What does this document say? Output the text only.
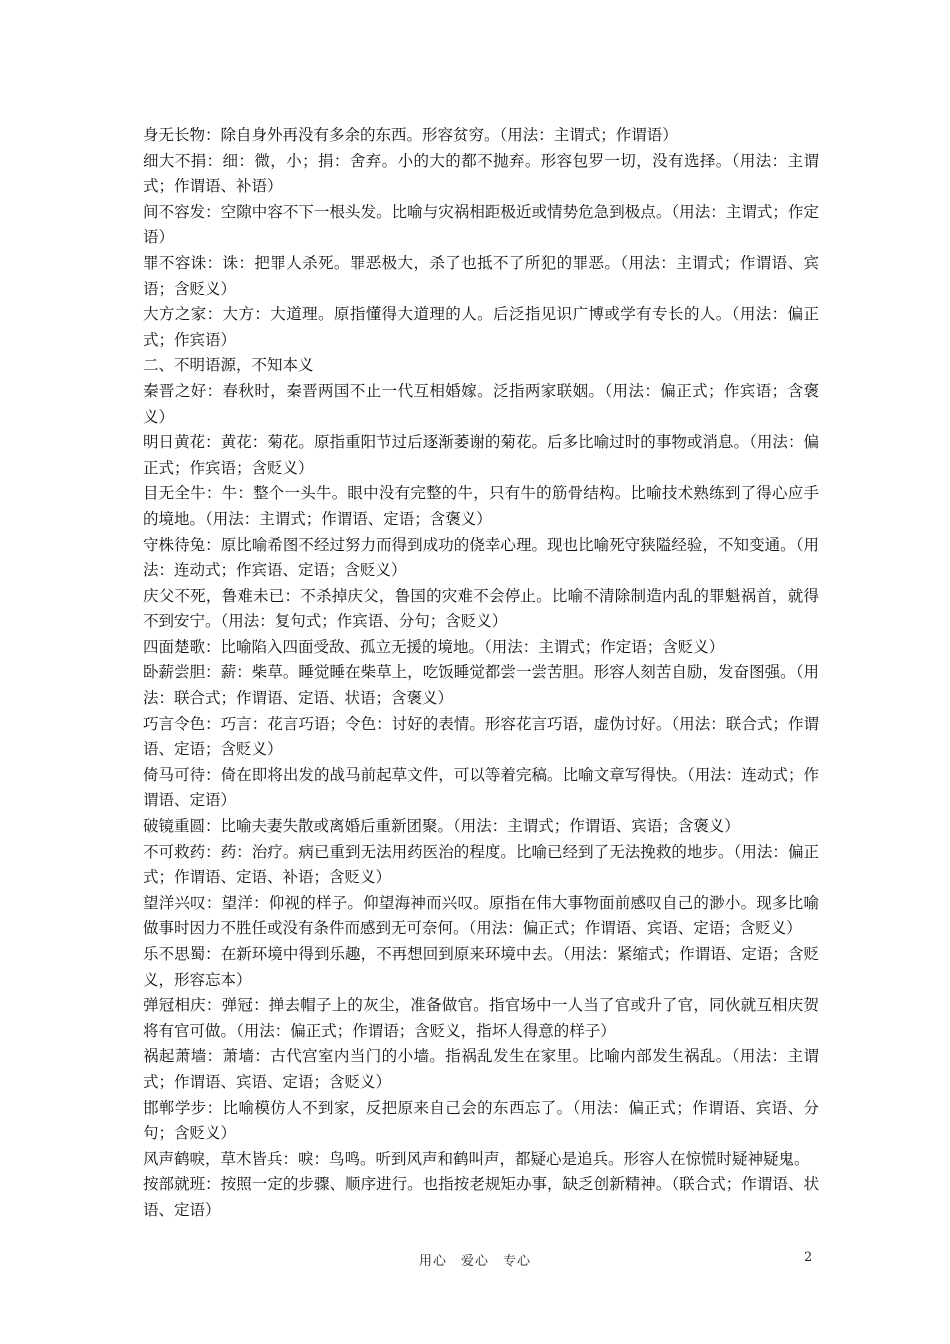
身无长物：除自身外再没有多余的东西。形容贫穷。（用法：主谓式；作谓语）

细大不捐：细：微，小；捐：舍弃。小的大的都不抛弃。形容包罗一切，没有选择。（用法：主谓式；作谓语、补语）

间不容发：空隙中容不下一根头发。比喻与灾祸相距极近或情势危急到极点。（用法：主谓式；作定语）

罪不容诛：诛：把罪人杀死。罪恶极大，杀了也抵不了所犯的罪恶。（用法：主谓式；作谓语、宾语；含贬义）

大方之家：大方：大道理。原指懂得大道理的人。后泛指见识广博或学有专长的人。（用法：偏正式；作宾语）

二、不明语源，不知本义

秦晋之好：春秋时，秦晋两国不止一代互相婚嫁。泛指两家联姻。（用法：偏正式；作宾语；含褒义）

明日黄花：黄花：菊花。原指重阳节过后逐渐萎谢的菊花。后多比喻过时的事物或消息。（用法：偏正式；作宾语；含贬义）

目无全牛：牛：整个一头牛。眼中没有完整的牛，只有牛的筋骨结构。比喻技术熟练到了得心应手的境地。（用法：主谓式；作谓语、定语；含褒义）

守株待兔：原比喻希图不经过努力而得到成功的侥幸心理。现也比喻死守狭隘经验，不知变通。（用法：连动式；作宾语、定语；含贬义）

庆父不死，鲁难未已：不杀掉庆父，鲁国的灾难不会停止。比喻不清除制造内乱的罪魁祸首，就得不到安宁。（用法：复句式；作宾语、分句；含贬义）

四面楚歌：比喻陷入四面受敌、孤立无援的境地。（用法：主谓式；作定语；含贬义）

卧薪尝胆：薪：柴草。睡觉睡在柴草上，吃饭睡觉都尝一尝苦胆。形容人刻苦自励，发奋图强。（用法：联合式；作谓语、定语、状语；含褒义）

巧言令色：巧言：花言巧语；令色：讨好的表情。形容花言巧语，虚伪讨好。（用法：联合式；作谓语、定语；含贬义）

倚马可待：倚在即将出发的战马前起草文件，可以等着完稿。比喻文章写得快。（用法：连动式；作谓语、定语）

破镜重圆：比喻夫妻失散或离婚后重新团聚。（用法：主谓式；作谓语、宾语；含褒义）

不可救药：药：治疗。病已重到无法用药医治的程度。比喻已经到了无法挽救的地步。（用法：偏正式；作谓语、定语、补语；含贬义）

望洋兴叹：望洋：仰视的样子。仰望海神而兴叹。原指在伟大事物面前感叹自己的渺小。现多比喻做事时因力不胜任或没有条件而感到无可奈何。（用法：偏正式；作谓语、宾语、定语；含贬义）

乐不思蜀：在新环境中得到乐趣，不再想回到原来环境中去。（用法：紧缩式；作谓语、定语；含贬义，形容忘本）

弹冠相庆：弹冠：掸去帽子上的灰尘，准备做官。指官场中一人当了官或升了官，同伙就互相庆贺将有官可做。（用法：偏正式；作谓语；含贬义，指坏人得意的样子）

祸起萧墙：萧墙：古代宫室内当门的小墙。指祸乱发生在家里。比喻内部发生祸乱。（用法：主谓式；作谓语、宾语、定语；含贬义）

邯郸学步：比喻模仿人不到家，反把原来自己会的东西忘了。（用法：偏正式；作谓语、宾语、分句；含贬义）

风声鹤唳，草木皆兵：唳：鸟鸣。听到风声和鹤叫声，都疑心是追兵。形容人在惊慌时疑神疑鬼。

按部就班：按照一定的步骤、顺序进行。也指按老规矩办事，缺乏创新精神。（联合式；作谓语、状语、定语）

用心　爱心　专心	2
